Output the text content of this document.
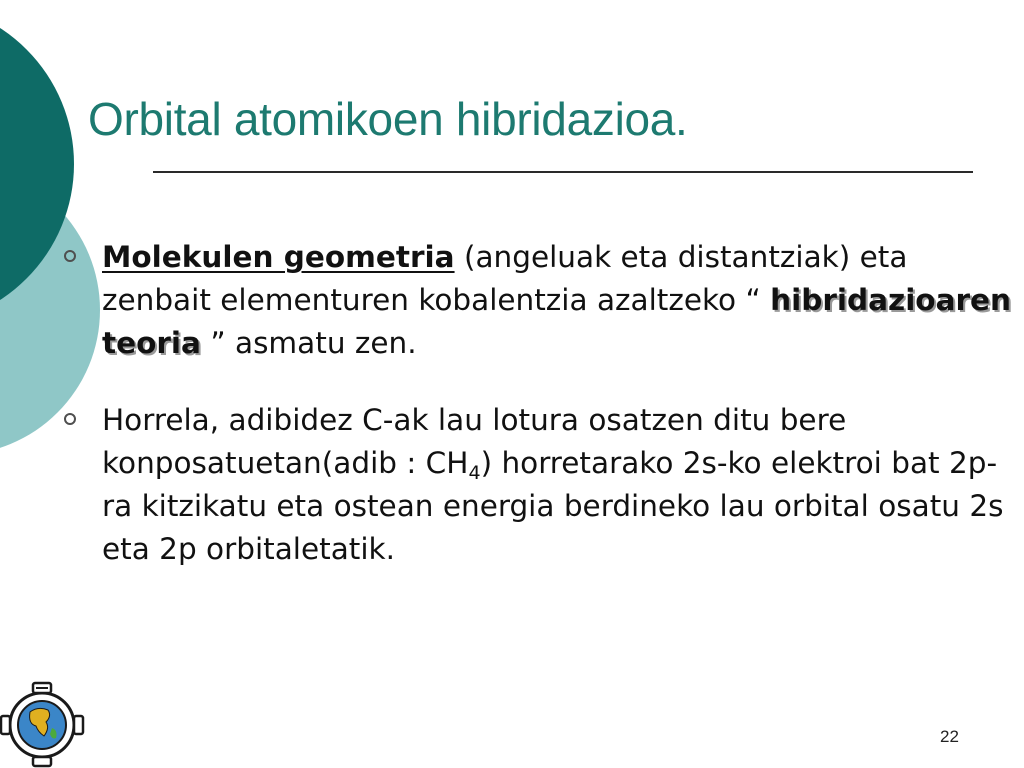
Orbital atomikoen hibridazioa.
Molekulen geometria (angeluak eta distantziak) eta zenbait elementuren kobalentzia azaltzeko “ hibridazioaren teoria ” asmatu zen.
Horrela, adibidez C-ak lau lotura osatzen ditu bere konposatuetan(adib : $CH_4$) horretarako 2s-ko elektroi bat 2p-ra kitzikatu eta ostean energia berdineko lau orbital osatu 2s eta 2p orbitaletatik.
22
